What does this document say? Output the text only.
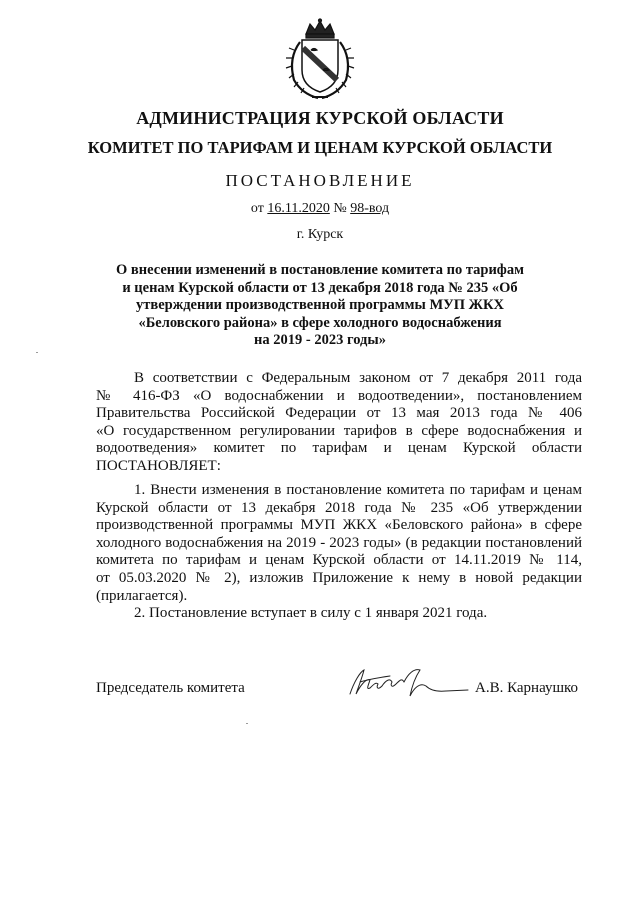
АДМИНИСТРАЦИЯ КУРСКОЙ ОБЛАСТИ
КОМИТЕТ ПО ТАРИФАМ И ЦЕНАМ КУРСКОЙ ОБЛАСТИ
ПОСТАНОВЛЕНИЕ
от 16.11.2020 № 98-вод
г. Курск
О внесении изменений в постановление комитета по тарифам
и ценам Курской области от 13 декабря 2018 года № 235 «Об
утверждении производственной программы МУП ЖКХ
«Беловского района» в сфере холодного водоснабжения
на 2019 - 2023 годы»
В соответствии с Федеральным законом от 7 декабря 2011 года
№ 416-ФЗ «О водоснабжении и водоотведении», постановлением
Правительства Российской Федерации от 13 мая 2013 года № 406
«О государственном регулировании тарифов в сфере водоснабжения и
водоотведения» комитет по тарифам и ценам Курской области
ПОСТАНОВЛЯЕТ:
1. Внести изменения в постановление комитета по тарифам и ценам
Курской области от 13 декабря 2018 года № 235 «Об утверждении
производственной программы МУП ЖКХ «Беловского района» в сфере
холодного водоснабжения на 2019 - 2023 годы» (в редакции постановлений
комитета по тарифам и ценам Курской области от 14.11.2019 № 114,
от 05.03.2020 № 2), изложив Приложение к нему в новой редакции
(прилагается).
2. Постановление вступает в силу с 1 января 2021 года.
Председатель комитета	А.В. Карнаушко
